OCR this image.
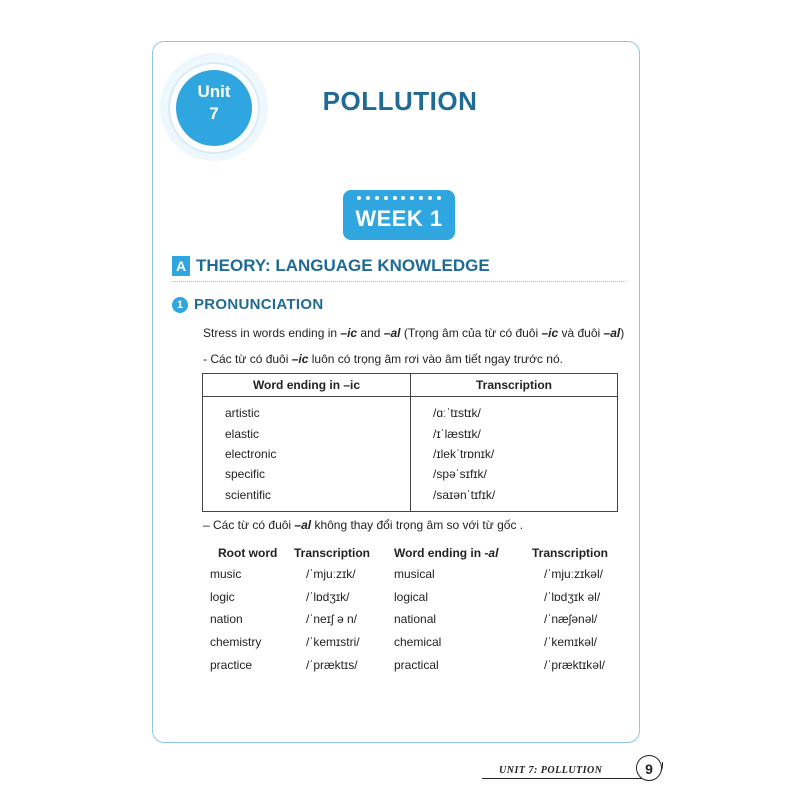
Unit
7	POLLUTION
WEEK 1
A THEORY: LANGUAGE KNOWLEDGE
1 PRONUNCIATION
Stress in words ending in –ic and –al (Trọng âm của từ có đuôi –ic và đuôi –al)
- Các từ có đuôi –ic luôn có trọng âm rơi vào âm tiết ngay trước nó.
Word ending in –ic	Transcription
artistic	/ɑːˈtɪstɪk/
elastic	/ɪˈlæstɪk/
electronic	/ɪlekˈtrɒnɪk/
specific	/spəˈsɪfɪk/
scientific	/saɪənˈtɪfɪk/
– Các từ có đuôi –al không thay đổi trọng âm so với từ gốc .
Root word	Transcription	Word ending in -al	Transcription
music	/ˈmjuːzɪk/	musical	/ˈmjuːzɪkəl/
logic	/ˈlɒdʒɪk/	logical	/ˈlɒdʒɪk əl/
nation	/ˈneɪʃ ə n/	national	/ˈnæʃənəl/
chemistry	/ˈkemɪstri/	chemical	/ˈkemɪkəl/
practice	/ˈpræktɪs/	practical	/ˈpræktɪkəl/
UNIT 7: POLLUTION	9
